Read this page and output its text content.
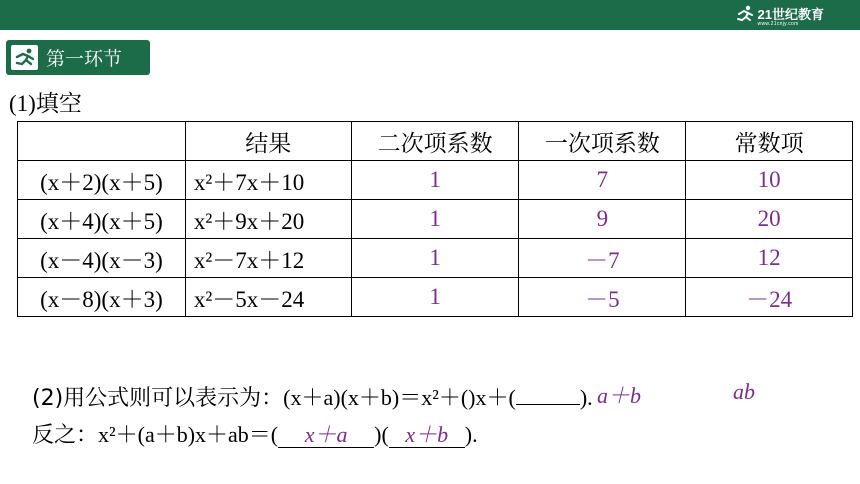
21世纪教育
www.21cnjy.com
第一环节
(1)填空
	结果	二次项系数	一次项系数	常数项
(x＋2)(x＋5)	x²＋7x＋10	1	7	10
(x＋4)(x＋5)	x²＋9x＋20	1	9	20
(x－4)(x－3)	x²－7x＋12	1	－7	12
(x－8)(x＋3)	x²－5x－24	1	－5	－24
(2)用公式则可以表示为：(x＋a)(x＋b)＝x²＋()x＋(	). a＋b	ab
反之：x²＋(a＋b)x＋ab＝( x＋a )( x＋b ).
